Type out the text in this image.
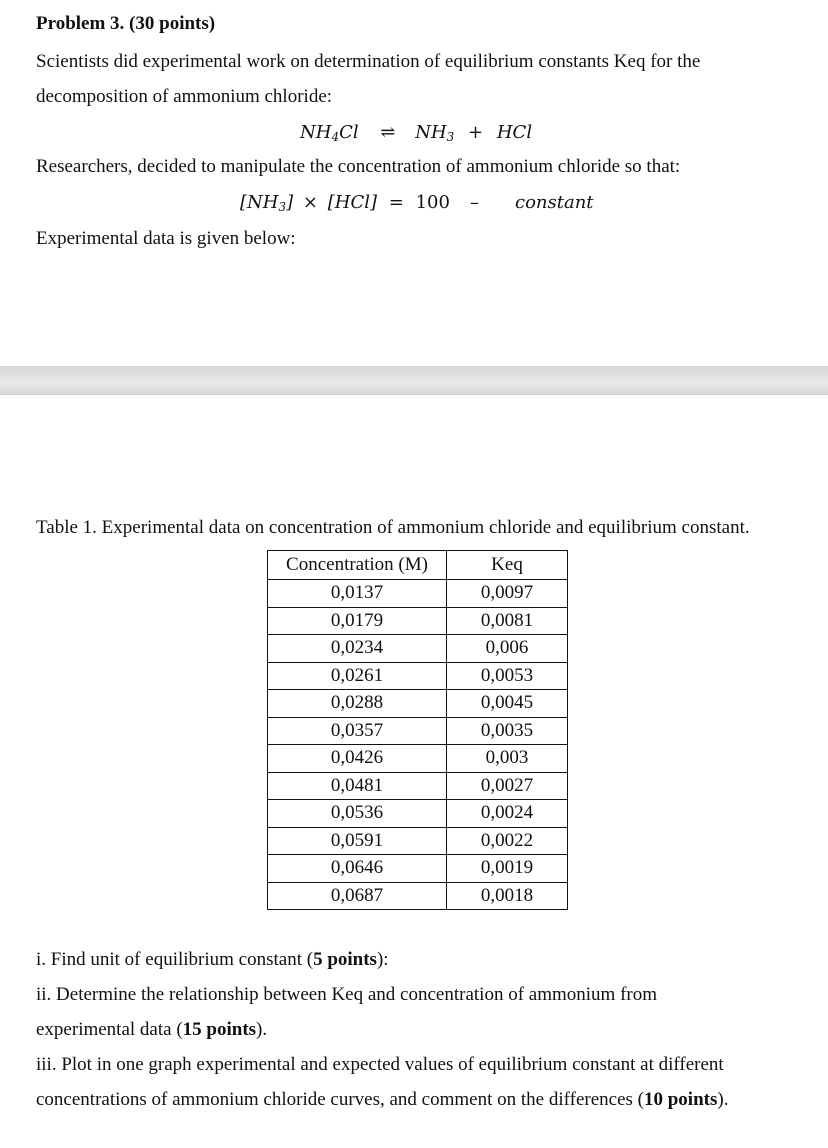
Problem 3. (30 points)
Scientists did experimental work on determination of equilibrium constants Keq for the
decomposition of ammonium chloride:
$NH_4Cl$ ⇌ $NH_3$ + HCl
Researchers, decided to manipulate the concentration of ammonium chloride so that:
$[NH_3] \times [HCl] = 100$ – constant
Experimental data is given below:
Table 1. Experimental data on concentration of ammonium chloride and equilibrium constant.
Concentration (M)	Keq
0,0137	0,0097
0,0179	0,0081
0,0234	0,006
0,0261	0,0053
0,0288	0,0045
0,0357	0,0035
0,0426	0,003
0,0481	0,0027
0,0536	0,0024
0,0591	0,0022
0,0646	0,0019
0,0687	0,0018
i. Find unit of equilibrium constant (5 points):
ii. Determine the relationship between Keq and concentration of ammonium from
experimental data (15 points).
iii. Plot in one graph experimental and expected values of equilibrium constant at different
concentrations of ammonium chloride curves, and comment on the differences (10 points).
